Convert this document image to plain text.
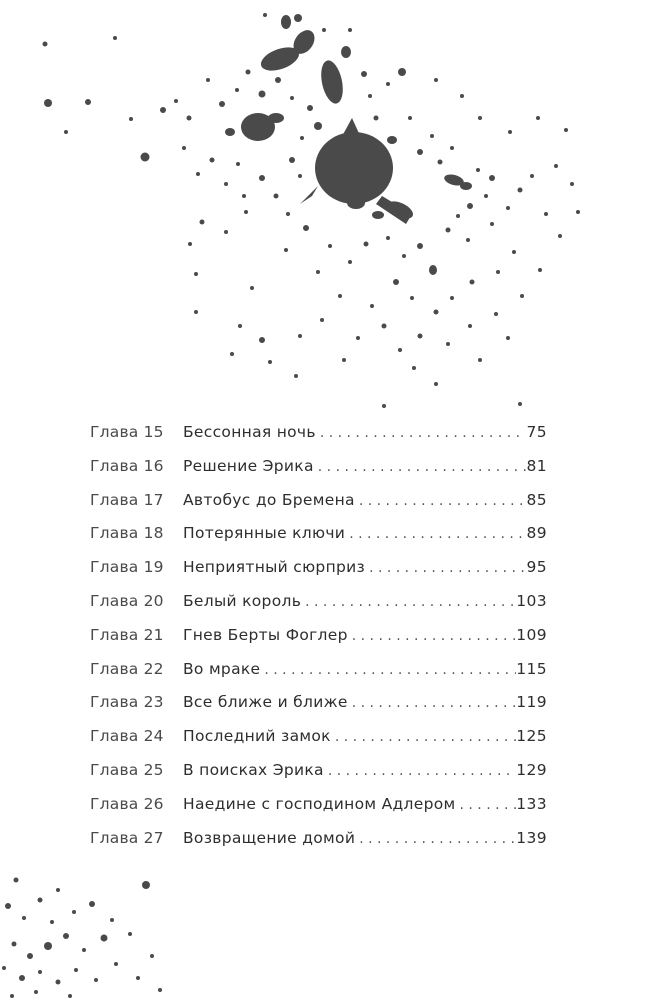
Глава 15	Бессонная ночь . . .	75
Глава 16	Решение Эрика . . .	81
Глава 17	Автобус до Бремена . . .	85
Глава 18	Потерянные ключи . . .	89
Глава 19	Неприятный сюрприз . . .	95
Глава 20	Белый король . . .	103
Глава 21	Гнев Берты Фоглер . . .	109
Глава 22	Во мраке . . .	115
Глава 23	Все ближе и ближе . . .	119
Глава 24	Последний замок . . .	125
Глава 25	В поисках Эрика . . .	129
Глава 26	Наедине с господином Адлером . . .	133
Глава 27	Возвращение домой . . .	139
